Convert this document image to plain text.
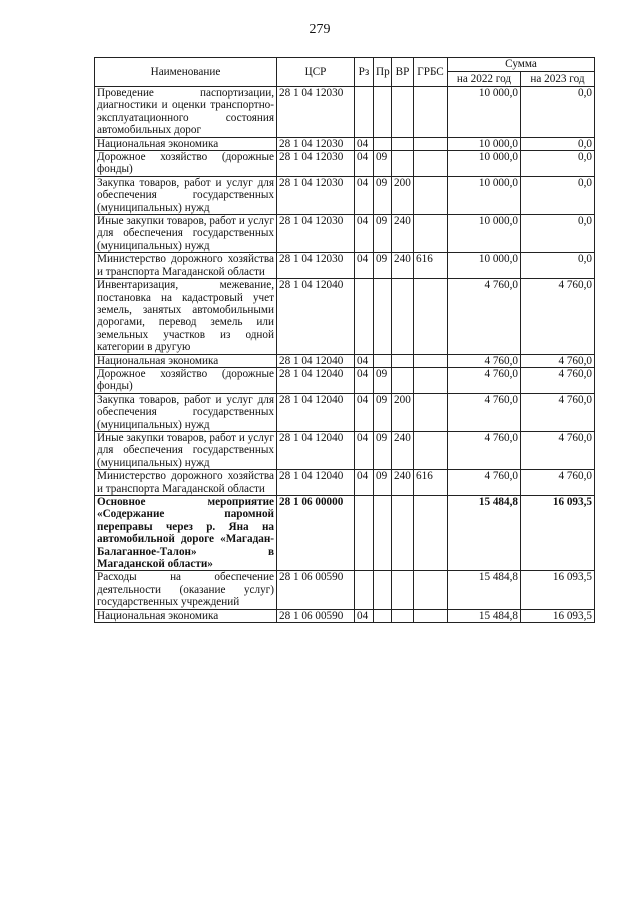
279
Наименование	ЦСР	Рз	Пр	ВР	ГРБС	Сумма	
						на 2022 год	на 2023 год
Проведение паспортизации, диагностики и оценки транспортно-эксплуатационного состояния автомобильных дорог	28 1 04 12030					10 000,0	0,0
Национальная экономика	28 1 04 12030	04				10 000,0	0,0
Дорожное хозяйство (дорожные фонды)	28 1 04 12030	04	09			10 000,0	0,0
Закупка товаров, работ и услуг для обеспечения государственных (муниципальных) нужд	28 1 04 12030	04	09	200		10 000,0	0,0
Иные закупки товаров, работ и услуг для обеспечения государственных (муниципальных) нужд	28 1 04 12030	04	09	240		10 000,0	0,0
Министерство дорожного хозяйства и транспорта Магаданской области	28 1 04 12030	04	09	240	616	10 000,0	0,0
Инвентаризация, межевание, постановка на кадастровый учет земель, занятых автомобильными дорогами, перевод земель или земельных участков из одной категории в другую	28 1 04 12040					4 760,0	4 760,0
Национальная экономика	28 1 04 12040	04				4 760,0	4 760,0
Дорожное хозяйство (дорожные фонды)	28 1 04 12040	04	09			4 760,0	4 760,0
Закупка товаров, работ и услуг для обеспечения государственных (муниципальных) нужд	28 1 04 12040	04	09	200		4 760,0	4 760,0
Иные закупки товаров, работ и услуг для обеспечения государственных (муниципальных) нужд	28 1 04 12040	04	09	240		4 760,0	4 760,0
Министерство дорожного хозяйства и транспорта Магаданской области	28 1 04 12040	04	09	240	616	4 760,0	4 760,0
Основное мероприятие «Содержание паромной переправы через р. Яна на автомобильной дороге «Магадан-Балаганное-Талон» в Магаданской области»	28 1 06 00000					15 484,8	16 093,5
Расходы на обеспечение деятельности (оказание услуг) государственных учреждений	28 1 06 00590					15 484,8	16 093,5
Национальная экономика	28 1 06 00590	04				15 484,8	16 093,5
